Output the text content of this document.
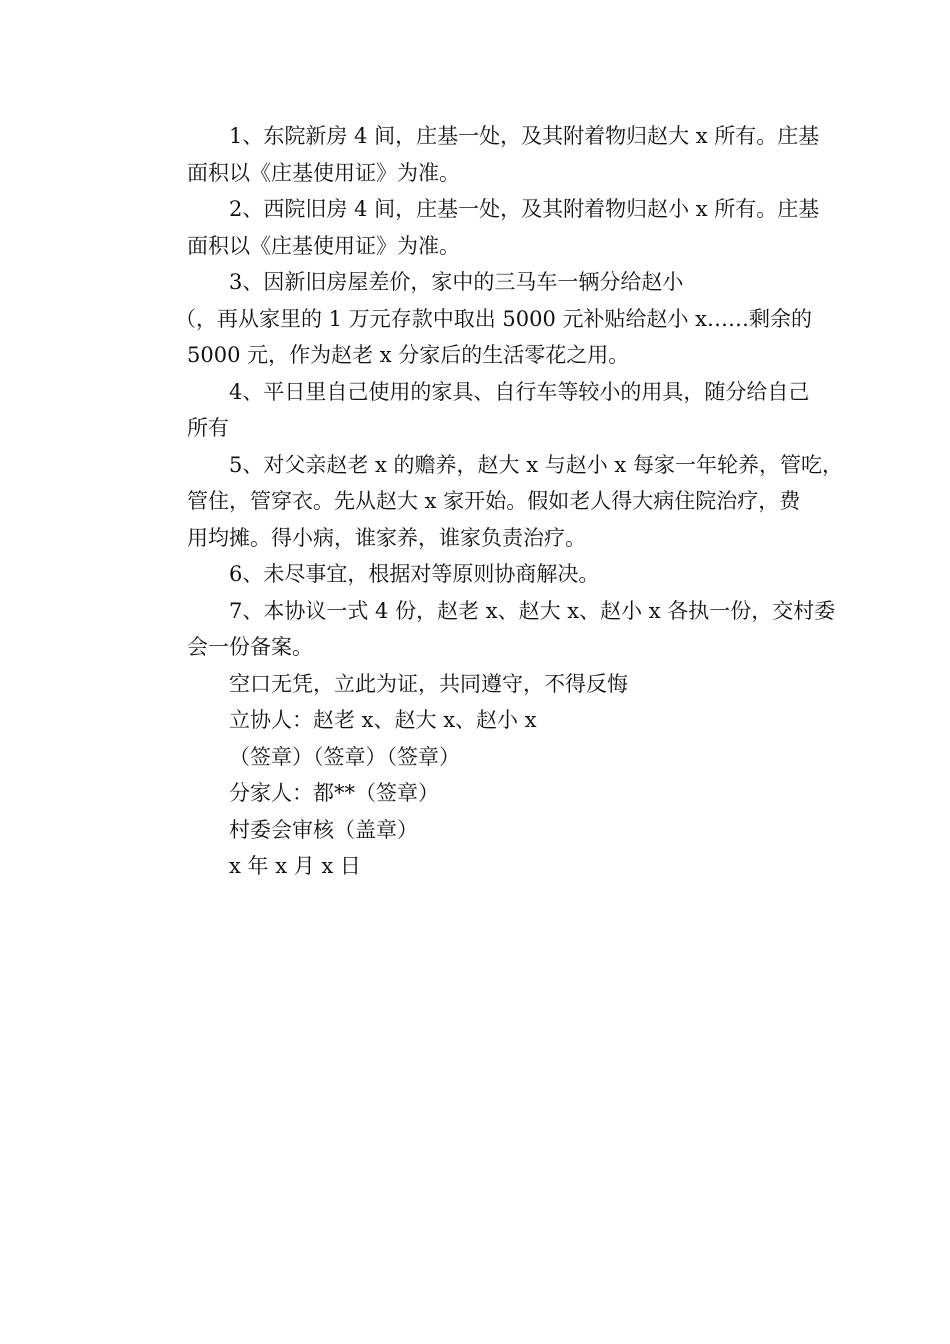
1、东院新房 4 间，庄基一处，及其附着物归赵大 x 所有。庄基
面积以《庄基使用证》为准。
2、西院旧房 4 间，庄基一处，及其附着物归赵小 x 所有。庄基
面积以《庄基使用证》为准。
3、因新旧房屋差价，家中的三马车一辆分给赵小
（，再从家里的 1 万元存款中取出 5000 元补贴给赵小 x……剩余的
5000 元，作为赵老 x 分家后的生活零花之用。
4、平日里自己使用的家具、自行车等较小的用具，随分给自己
所有
5、对父亲赵老 x 的赡养，赵大 x 与赵小 x 每家一年轮养，管吃，
管住，管穿衣。先从赵大 x 家开始。假如老人得大病住院治疗，费
用均摊。得小病，谁家养，谁家负责治疗。
6、未尽事宜，根据对等原则协商解决。
7、本协议一式 4 份，赵老 x、赵大 x、赵小 x 各执一份，交村委
会一份备案。
空口无凭，立此为证，共同遵守，不得反悔
立协人：赵老 x、赵大 x、赵小 x
（签章）（签章）（签章）
分家人：都**（签章）
村委会审核（盖章）
x 年 x 月 x 日
